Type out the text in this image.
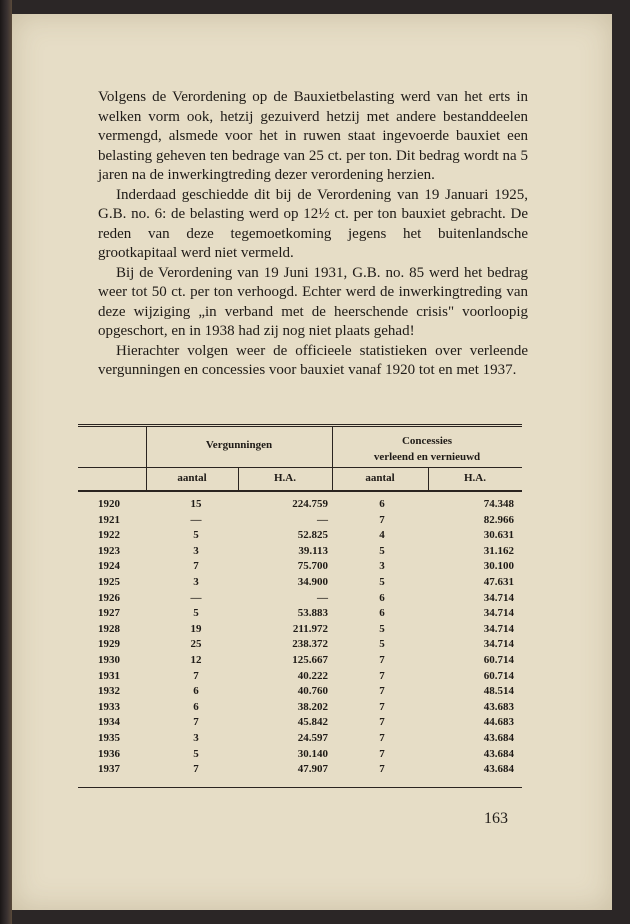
Volgens de Verordening op de Bauxietbelasting werd van het erts in welken vorm ook, hetzij gezuiverd hetzij met andere bestanddeelen vermengd, alsmede voor het in ruwen staat ingevoerde bauxiet een belasting geheven ten bedrage van 25 ct. per ton. Dit bedrag wordt na 5 jaren na de inwerkingtreding dezer verordening herzien.

Inderdaad geschiedde dit bij de Verordening van 19 Januari 1925, G.B. no. 6: de belasting werd op 12½ ct. per ton bauxiet gebracht. De reden van deze tegemoetkoming jegens het buitenlandsche grootkapitaal werd niet vermeld.

Bij de Verordening van 19 Juni 1931, G.B. no. 85 werd het bedrag weer tot 50 ct. per ton verhoogd. Echter werd de inwerkingtreding van deze wijziging „in verband met de heerschende crisis" voorloopig opgeschort, en in 1938 had zij nog niet plaats gehad!

Hierachter volgen weer de officieele statistieken over verleende vergunningen en concessies voor bauxiet vanaf 1920 tot en met 1937.

Vergunningen	Concessies
verleend en vernieuwd
aantal	H.A.	aantal	H.A.
1920	15	224.759	6	74.348
1921	—	—	7	82.966
1922	5	52.825	4	30.631
1923	3	39.113	5	31.162
1924	7	75.700	3	30.100
1925	3	34.900	5	47.631
1926	—	—	6	34.714
1927	5	53.883	6	34.714
1928	19	211.972	5	34.714
1929	25	238.372	5	34.714
1930	12	125.667	7	60.714
1931	7	40.222	7	60.714
1932	6	40.760	7	48.514
1933	6	38.202	7	43.683
1934	7	45.842	7	44.683
1935	3	24.597	7	43.684
1936	5	30.140	7	43.684
1937	7	47.907	7	43.684
163
